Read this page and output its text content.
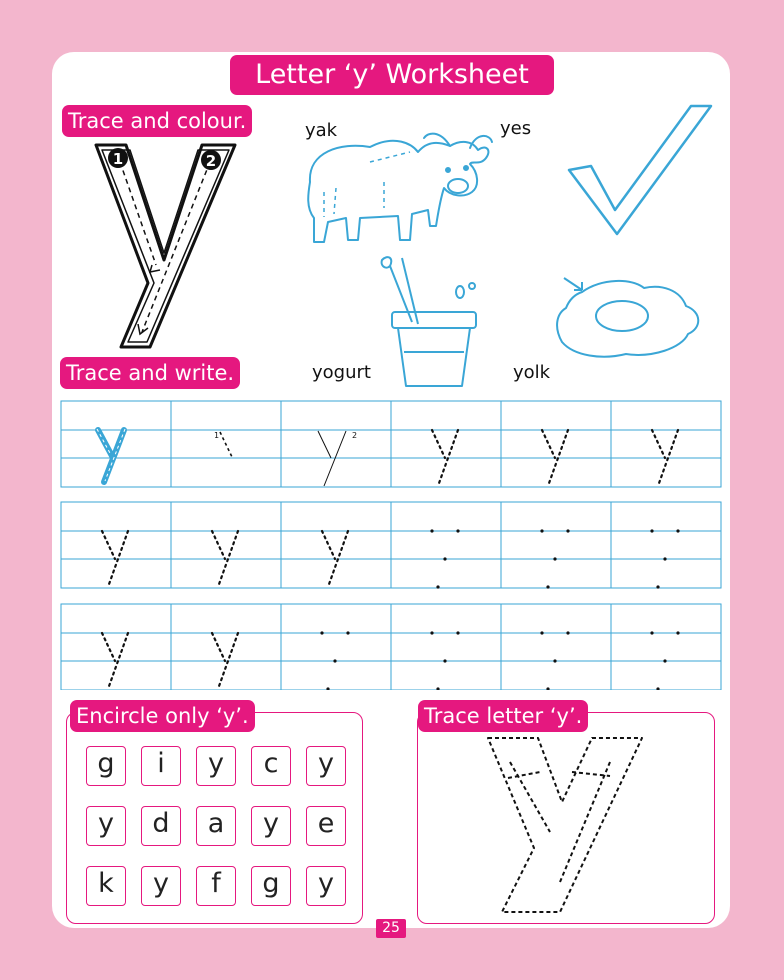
Letter ‘y’ Worksheet
Trace and colour.
1	2
yak	yes
yogurt	yolk
Trace and write.
1	2
Encircle only ‘y’.
g	i	y	c	y
y	d	a	y	e
k	y	f	g	y
Trace letter ‘y’.
25
